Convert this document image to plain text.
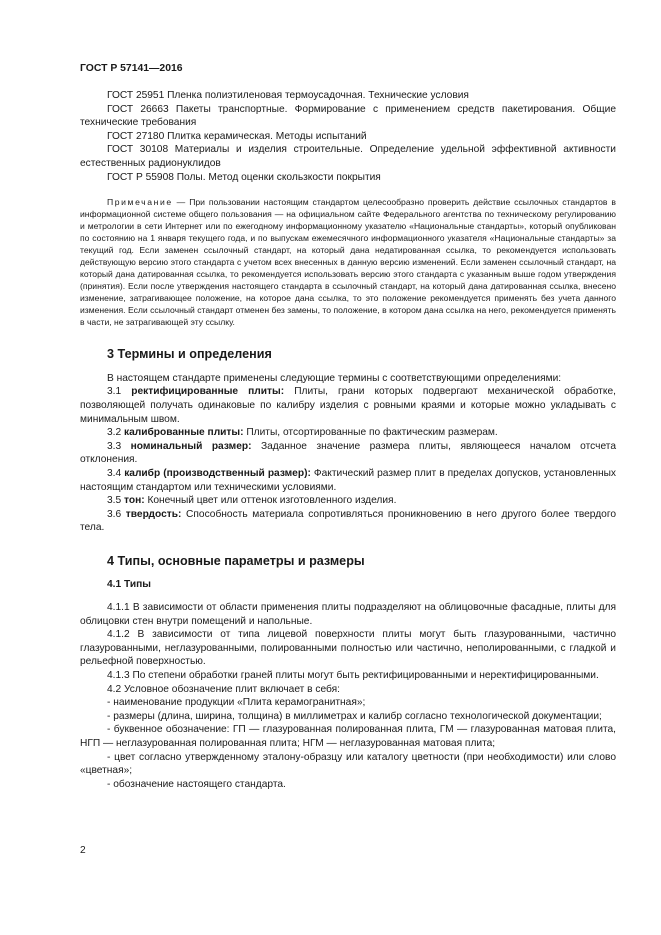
ГОСТ Р 57141—2016

ГОСТ 25951 Пленка полиэтиленовая термоусадочная. Технические условия

ГОСТ 26663 Пакеты транспортные. Формирование с применением средств пакетирования. Общие технические требования

ГОСТ 27180 Плитка керамическая. Методы испытаний

ГОСТ 30108 Материалы и изделия строительные. Определение удельной эффективной активности естественных радионуклидов

ГОСТ Р 55908 Полы. Метод оценки скользкости покрытия

Примечание — При пользовании настоящим стандартом целесообразно проверить действие ссылочных стандартов в информационной системе общего пользования — на официальном сайте Федерального агентства по техническому регулированию и метрологии в сети Интернет или по ежегодному информационному указателю «Национальные стандарты», который опубликован по состоянию на 1 января текущего года, и по выпускам ежемесячного информационного указателя «Национальные стандарты» за текущий год. Если заменен ссылочный стандарт, на который дана недатированная ссылка, то рекомендуется использовать действующую версию этого стандарта с учетом всех внесенных в данную версию изменений. Если заменен ссылочный стандарт, на который дана датированная ссылка, то рекомендуется использовать версию этого стандарта с указанным выше годом утверждения (принятия). Если после утверждения настоящего стандарта в ссылочный стандарт, на который дана датированная ссылка, внесено изменение, затрагивающее положение, на которое дана ссылка, то это положение рекомендуется применять без учета данного изменения. Если ссылочный стандарт отменен без замены, то положение, в котором дана ссылка на него, рекомендуется применять в части, не затрагивающей эту ссылку.

3 Термины и определения

В настоящем стандарте применены следующие термины с соответствующими определениями:

3.1 ректифицированные плиты: Плиты, грани которых подвергают механической обработке, позволяющей получать одинаковые по калибру изделия с ровными краями и которые можно укладывать с минимальным швом.

3.2 калиброванные плиты: Плиты, отсортированные по фактическим размерам.

3.3 номинальный размер: Заданное значение размера плиты, являющееся началом отсчета отклонения.

3.4 калибр (производственный размер): Фактический размер плит в пределах допусков, установленных настоящим стандартом или техническими условиями.

3.5 тон: Конечный цвет или оттенок изготовленного изделия.

3.6 твердость: Способность материала сопротивляться проникновению в него другого более твердого тела.

4 Типы, основные параметры и размеры
4.1 Типы

4.1.1 В зависимости от области применения плиты подразделяют на облицовочные фасадные, плиты для облицовки стен внутри помещений и напольные.

4.1.2 В зависимости от типа лицевой поверхности плиты могут быть глазурованными, частично глазурованными, неглазурованными, полированными полностью или частично, неполированными, с гладкой и рельефной поверхностью.

4.1.3 По степени обработки граней плиты могут быть ректифицированными и неректифицированными.

4.2 Условное обозначение плит включает в себя:

- наименование продукции «Плита керамогранитная»;

- размеры (длина, ширина, толщина) в миллиметрах и калибр согласно технологической документации;

- буквенное обозначение: ГП — глазурованная полированная плита, ГМ — глазурованная матовая плита, НГП — неглазурованная полированная плита; НГМ — неглазурованная матовая плита;

- цвет согласно утвержденному эталону-образцу или каталогу цветности (при необходимости) или слово «цветная»;

- обозначение настоящего стандарта.

2
